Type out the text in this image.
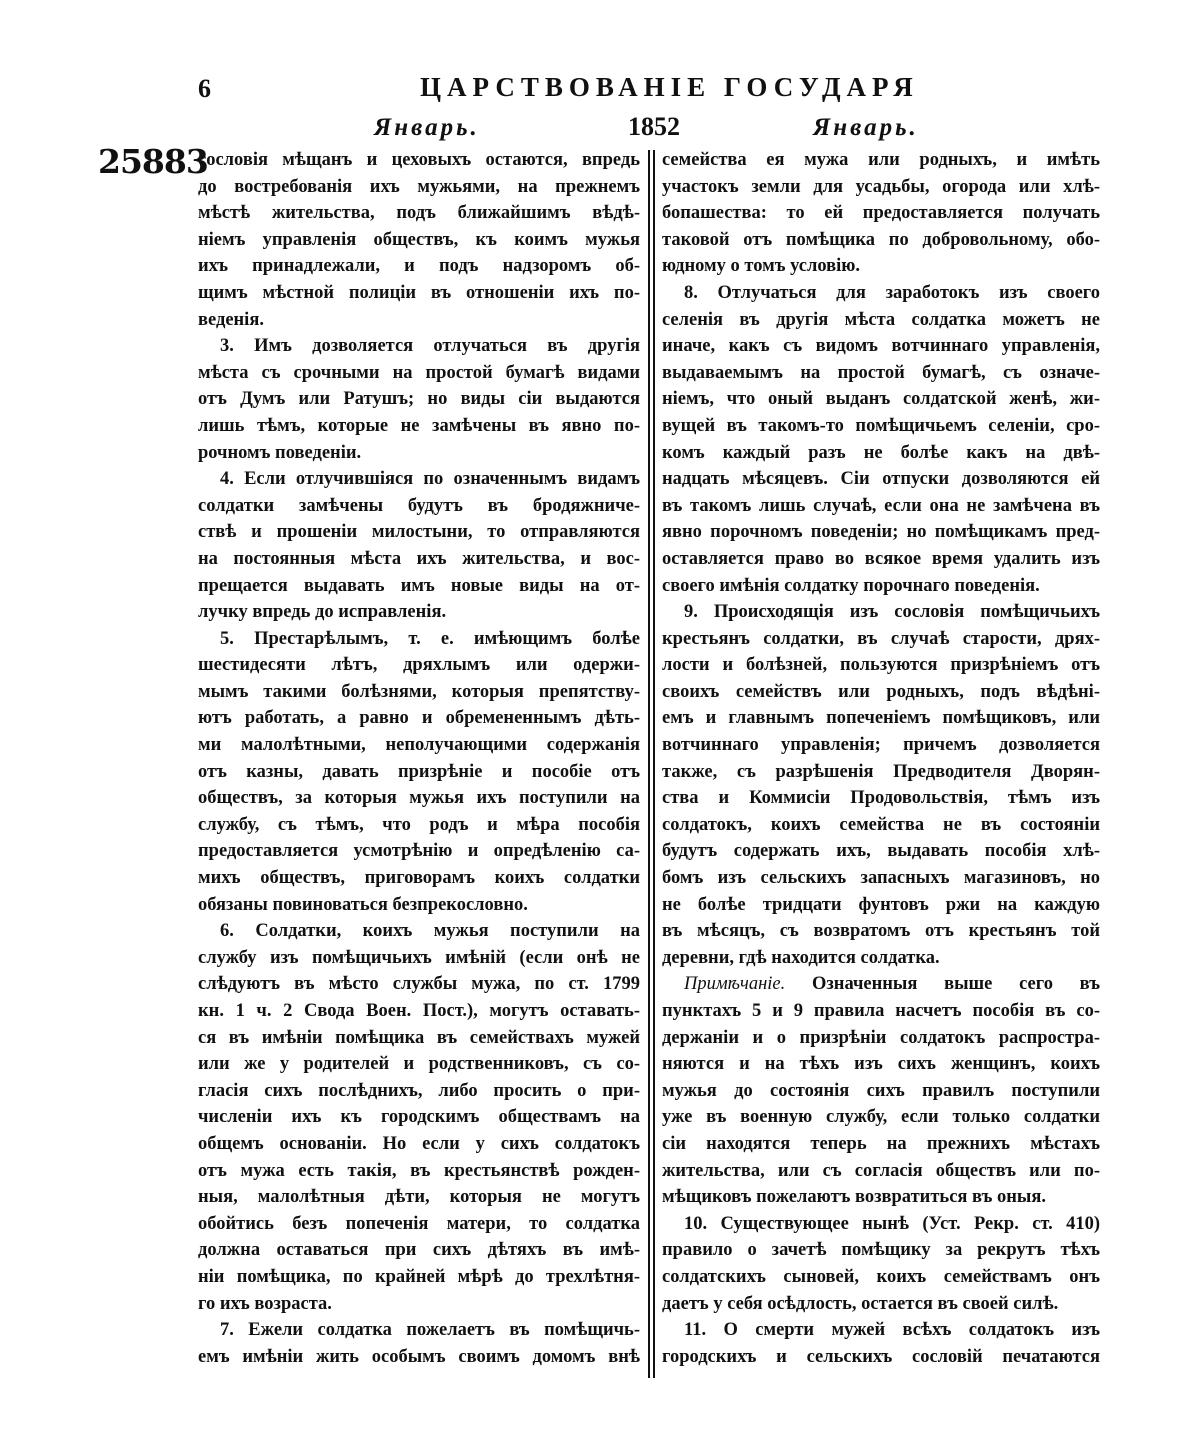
6	ЦАРСТВОВАНІЕ ГОСУДАРЯ
Январь.	1852	Январь.
25883
сословія мѣщанъ и цеховыхъ остаются, впредь
до востребованія ихъ мужьями, на прежнемъ
мѣстѣ жительства, подъ ближайшимъ вѣдѣ-
ніемъ управленія обществъ, къ коимъ мужья
ихъ принадлежали, и подъ надзоромъ об-
щимъ мѣстной полиціи въ отношеніи ихъ по-
веденія.
3. Имъ дозволяется отлучаться въ другія
мѣста съ срочными на простой бумагѣ видами
отъ Думъ или Ратушъ; но виды сіи выдаются
лишь тѣмъ, которые не замѣчены въ явно по-
рочномъ поведеніи.
4. Если отлучившіяся по означеннымъ видамъ
солдатки замѣчены будутъ въ бродяжниче-
ствѣ и прошеніи милостыни, то отправляются
на постоянныя мѣста ихъ жительства, и вос-
прещается выдавать имъ новые виды на от-
лучку впредь до исправленія.
5. Престарѣлымъ, т. е. имѣющимъ болѣе
шестидесяти лѣтъ, дряхлымъ или одержи-
мымъ такими болѣзнями, которыя препятству-
ютъ работать, а равно и обремененнымъ дѣть-
ми малолѣтными, неполучающими содержанія
отъ казны, давать призрѣніе и пособіе отъ
обществъ, за которыя мужья ихъ поступили на
службу, съ тѣмъ, что родъ и мѣра пособія
предоставляется усмотрѣнію и опредѣленію са-
михъ обществъ, приговорамъ коихъ солдатки
обязаны повиноваться безпрекословно.
6. Солдатки, коихъ мужья поступили на
службу изъ помѣщичьихъ имѣній (если онѣ не
слѣдуютъ въ мѣсто службы мужа, по ст. 1799
кн. 1 ч. 2 Свода Воен. Пост.), могутъ оставать-
ся въ имѣніи помѣщика въ семействахъ мужей
или же у родителей и родственниковъ, съ со-
гласія сихъ послѣднихъ, либо просить о при-
численіи ихъ къ городскимъ обществамъ на
общемъ основаніи. Но если у сихъ солдатокъ
отъ мужа есть такія, въ крестьянствѣ рожден-
ныя, малолѣтныя дѣти, которыя не могутъ
обойтись безъ попеченія матери, то солдатка
должна оставаться при сихъ дѣтяхъ въ имѣ-
ніи помѣщика, по крайней мѣрѣ до трехлѣтня-
го ихъ возраста.
7. Ежели солдатка пожелаетъ въ помѣщичь-
емъ имѣніи жить особымъ своимъ домомъ внѣ
семейства ея мужа или родныхъ, и имѣть
участокъ земли для усадьбы, огорода или хлѣ-
бопашества: то ей предоставляется получать
таковой отъ помѣщика по добровольному, обо-
юдному о томъ условію.
8. Отлучаться для заработокъ изъ своего
селенія въ другія мѣста солдатка можетъ не
иначе, какъ съ видомъ вотчиннаго управленія,
выдаваемымъ на простой бумагѣ, съ означе-
ніемъ, что оный выданъ солдатской женѣ, жи-
вущей въ такомъ-то помѣщичьемъ селеніи, сро-
комъ каждый разъ не болѣе какъ на двѣ-
надцать мѣсяцевъ. Сіи отпуски дозволяются ей
въ такомъ лишь случаѣ, если она не замѣчена въ
явно порочномъ поведеніи; но помѣщикамъ пред-
оставляется право во всякое время удалить изъ
своего имѣнія солдатку порочнаго поведенія.
9. Происходящія изъ сословія помѣщичьихъ
крестьянъ солдатки, въ случаѣ старости, дрях-
лости и болѣзней, пользуются призрѣніемъ отъ
своихъ семействъ или родныхъ, подъ вѣдѣні-
емъ и главнымъ попеченіемъ помѣщиковъ, или
вотчиннаго управленія; причемъ дозволяется
также, съ разрѣшенія Предводителя Дворян-
ства и Коммисіи Продовольствія, тѣмъ изъ
солдатокъ, коихъ семейства не въ состояніи
будутъ содержать ихъ, выдавать пособія хлѣ-
бомъ изъ сельскихъ запасныхъ магазиновъ, но
не болѣе тридцати фунтовъ ржи на каждую
въ мѣсяцъ, съ возвратомъ отъ крестьянъ той
деревни, гдѣ находится солдатка.
Примѣчаніе. Означенныя выше сего въ
пунктахъ 5 и 9 правила насчетъ пособія въ со-
держаніи и о призрѣніи солдатокъ распростра-
няются и на тѣхъ изъ сихъ женщинъ, коихъ
мужья до состоянія сихъ правилъ поступили
уже въ военную службу, если только солдатки
сіи находятся теперь на прежнихъ мѣстахъ
жительства, или съ согласія обществъ или по-
мѣщиковъ пожелаютъ возвратиться въ оныя.
10. Существующее нынѣ (Уст. Рекр. ст. 410)
правило о зачетѣ помѣщику за рекрутъ тѣхъ
солдатскихъ сыновей, коихъ семействамъ онъ
даетъ у себя осѣдлость, остается въ своей силѣ.
11. О смерти мужей всѣхъ солдатокъ изъ
городскихъ и сельскихъ сословій печатаются
